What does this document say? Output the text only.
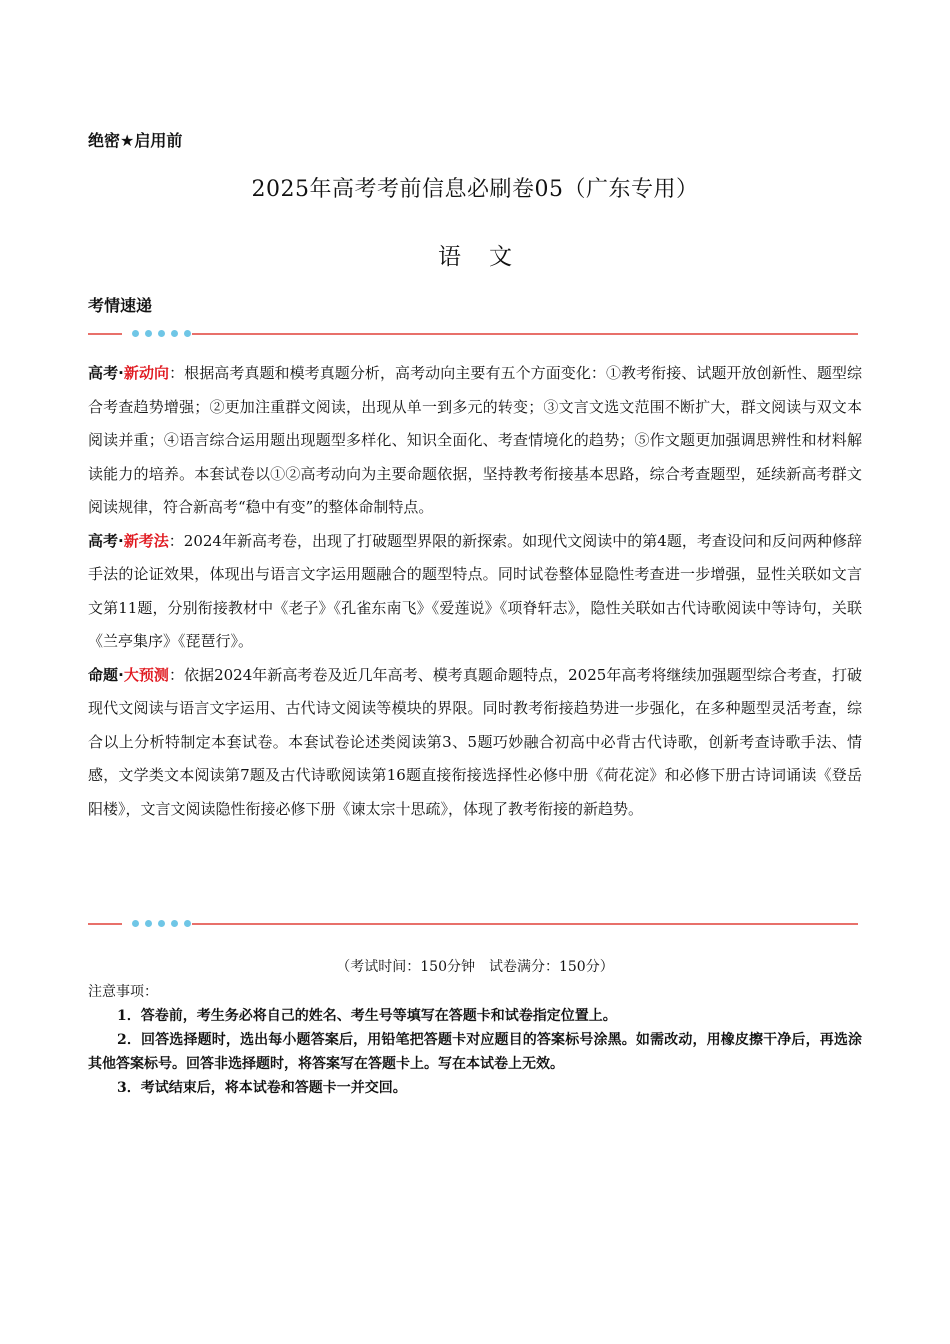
绝密★启用前
2025年高考考前信息必刷卷05（广东专用）
语文
考情速递

高考·新动向：根据高考真题和模考真题分析，高考动向主要有五个方面变化：①教考衔接、试题开放创新性、题型综合考查趋势增强；②更加注重群文阅读，出现从单一到多元的转变；③文言文选文范围不断扩大，群文阅读与双文本阅读并重；④语言综合运用题出现题型多样化、知识全面化、考查情境化的趋势；⑤作文题更加强调思辨性和材料解读能力的培养。本套试卷以①②高考动向为主要命题依据，坚持教考衔接基本思路，综合考查题型，延续新高考群文阅读规律，符合新高考“稳中有变”的整体命制特点。

高考·新考法：2024年新高考卷，出现了打破题型界限的新探索。如现代文阅读中的第4题，考查设问和反问两种修辞手法的论证效果，体现出与语言文字运用题融合的题型特点。同时试卷整体显隐性考查进一步增强，显性关联如文言文第11题，分别衔接教材中《老子》《孔雀东南飞》《爱莲说》《项脊轩志》，隐性关联如古代诗歌阅读中等诗句，关联《兰亭集序》《琵琶行》。

命题·大预测：依据2024年新高考卷及近几年高考、模考真题命题特点，2025年高考将继续加强题型综合考查，打破现代文阅读与语言文字运用、古代诗文阅读等模块的界限。同时教考衔接趋势进一步强化，在多种题型灵活考查，综合以上分析特制定本套试卷。本套试卷论述类阅读第3、5题巧妙融合初高中必背古代诗歌，创新考查诗歌手法、情感，文学类文本阅读第7题及古代诗歌阅读第16题直接衔接选择性必修中册《荷花淀》和必修下册古诗词诵读《登岳阳楼》，文言文阅读隐性衔接必修下册《谏太宗十思疏》，体现了教考衔接的新趋势。

（考试时间：150分钟　试卷满分：150分）
注意事项：
1．答卷前，考生务必将自己的姓名、考生号等填写在答题卡和试卷指定位置上。
2．回答选择题时，选出每小题答案后，用铅笔把答题卡对应题目的答案标号涂黑。如需改动，用橡皮擦干净后，再选涂其他答案标号。回答非选择题时，将答案写在答题卡上。写在本试卷上无效。
3．考试结束后，将本试卷和答题卡一并交回。
